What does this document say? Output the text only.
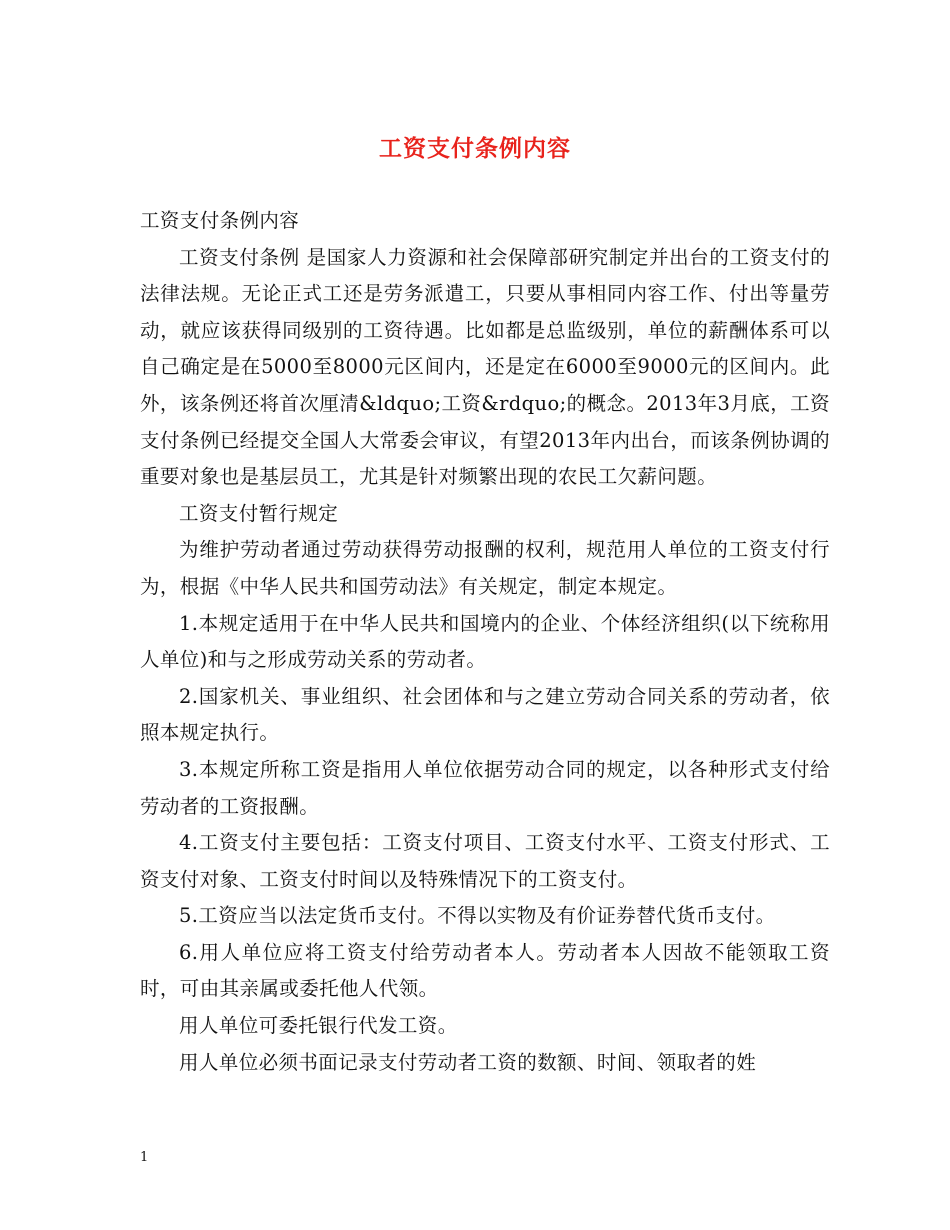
工资支付条例内容

工资支付条例内容

工资支付条例 是国家人力资源和社会保障部研究制定并出台的工资支付的法律法规。无论正式工还是劳务派遣工，只要从事相同内容工作、付出等量劳动，就应该获得同级别的工资待遇。比如都是总监级别，单位的薪酬体系可以自己确定是在5000至8000元区间内，还是定在6000至9000元的区间内。此外，该条例还将首次厘清&ldquo;工资&rdquo;的概念。2013年3月底，工资支付条例已经提交全国人大常委会审议，有望2013年内出台，而该条例协调的重要对象也是基层员工，尤其是针对频繁出现的农民工欠薪问题。

工资支付暂行规定

为维护劳动者通过劳动获得劳动报酬的权利，规范用人单位的工资支付行为，根据《中华人民共和国劳动法》有关规定，制定本规定。

1.本规定适用于在中华人民共和国境内的企业、个体经济组织(以下统称用人单位)和与之形成劳动关系的劳动者。

2.国家机关、事业组织、社会团体和与之建立劳动合同关系的劳动者，依照本规定执行。

3.本规定所称工资是指用人单位依据劳动合同的规定，以各种形式支付给劳动者的工资报酬。

4.工资支付主要包括：工资支付项目、工资支付水平、工资支付形式、工资支付对象、工资支付时间以及特殊情况下的工资支付。

5.工资应当以法定货币支付。不得以实物及有价证券替代货币支付。

6.用人单位应将工资支付给劳动者本人。劳动者本人因故不能领取工资时，可由其亲属或委托他人代领。

用人单位可委托银行代发工资。

用人单位必须书面记录支付劳动者工资的数额、时间、领取者的姓

1
